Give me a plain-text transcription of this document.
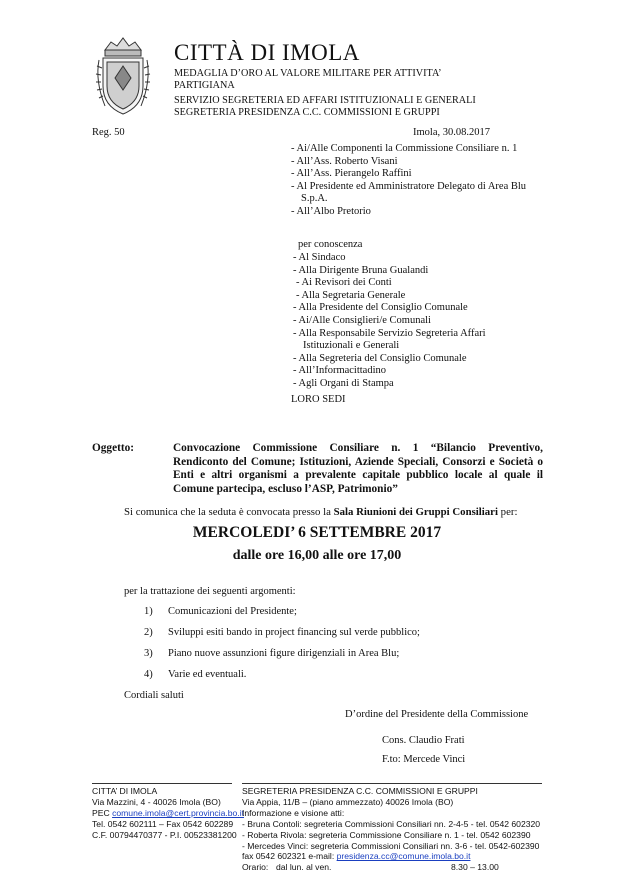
CITTÀ DI IMOLA
MEDAGLIA D’ORO AL VALORE MILITARE PER ATTIVITA’
PARTIGIANA
SERVIZIO SEGRETERIA ED AFFARI ISTITUZIONALI E GENERALI
SEGRETERIA PRESIDENZA C.C. COMMISSIONI E GRUPPI
Reg. 50	Imola, 30.08.2017
- Ai/Alle Componenti la Commissione Consiliare n. 1
- All’Ass. Roberto Visani
- All’Ass. Pierangelo Raffini
- Al Presidente ed Amministratore Delegato di Area Blu
S.p.A.
- All’Albo Pretorio
per conoscenza
- Al Sindaco
- Alla Dirigente Bruna Gualandi
- Ai Revisori dei Conti
- Alla Segretaria Generale
- Alla Presidente del Consiglio Comunale
- Ai/Alle Consiglieri/e Comunali
- Alla Responsabile Servizio Segreteria Affari
Istituzionali e Generali
- Alla Segreteria del Consiglio Comunale
- All’Informacittadino
- Agli Organi di Stampa
LORO SEDI
Oggetto:	Convocazione Commissione Consiliare n. 1 “Bilancio Preventivo, Rendiconto del Comune; Istituzioni, Aziende Speciali, Consorzi e Società o Enti e altri organismi a prevalente capitale pubblico locale al quale il Comune partecipa, escluso l’ASP, Patrimonio”
Si comunica che la seduta è convocata presso la Sala Riunioni dei Gruppi Consiliari per:
MERCOLEDI’ 6 SETTEMBRE 2017
dalle ore 16,00 alle ore 17,00
per la trattazione dei seguenti argomenti:
1) Comunicazioni del Presidente;
2) Sviluppi esiti bando in project financing sul verde pubblico;
3) Piano nuove assunzioni figure dirigenziali in Area Blu;
4) Varie ed eventuali.
Cordiali saluti
D’ordine del Presidente della Commissione
Cons. Claudio Frati
F.to: Mercede Vinci
CITTA’ DI IMOLA
Via Mazzini, 4 - 40026 Imola (BO)
PEC comune.imola@cert.provincia.bo.it
Tel. 0542 602111 – Fax 0542 602289
C.F. 00794470377 - P.I. 00523381200
SEGRETERIA PRESIDENZA C.C. COMMISSIONI E GRUPPI
Via Appia, 11/B – (piano ammezzato) 40026 Imola (BO)
Informazione e visione atti:
- Bruna Contoli: segreteria Commissioni Consiliari nn. 2-4-5 - tel. 0542 602320
- Roberta Rivola: segreteria Commissione Consiliare n. 1 - tel. 0542 602390
- Mercedes Vinci: segreteria Commissioni Consiliari nn. 3-6 - tel. 0542-602390
fax 0542 602321 e-mail: presidenza.cc@comune.imola.bo.it
Orario: dal lun. al ven.	8.30 – 13.00
